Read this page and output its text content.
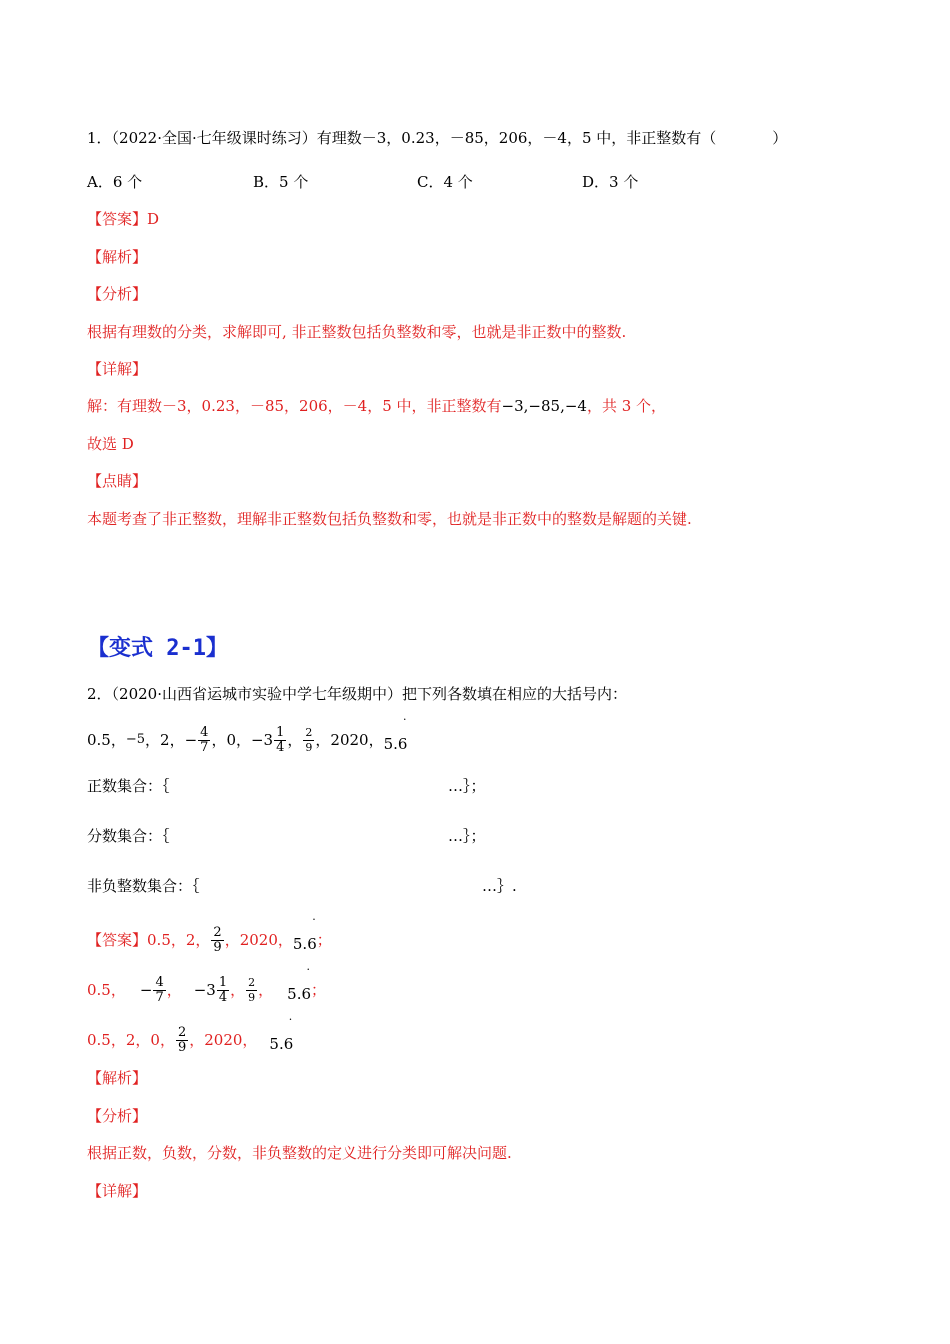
1．（2022·全国·七年级课时练习）有理数－3，0.23，－85，206，－4，5 中，非正整数有（	）
A．6 个	B．5 个	C．4 个	D．3 个
【答案】D
【解析】
【分析】
根据有理数的分类，求解即可, 非正整数包括负整数和零，也就是非正数中的整数.
【详解】
解：有理数－3，0.23，－85，206，－4，5 中，非正整数有−3,−85,−4，共 3 个，
故选 D
【点睛】
本题考查了非正整数，理解非正整数包括负整数和零，也就是非正数中的整数是解题的关键.
【变式 2-1】
2．（2020·山西省运城市实验中学七年级期中）把下列各数填在相应的大括号内：
0.5， −5 ，2， − $\frac{4}{7}$ ，0， $-3 \frac{1}{4}$ ， $\frac{2}{9}$ ，2020， 5.6
·
正数集合：｛	…｝；
分数集合：｛	…｝；
非负整数集合：｛	…｝.
【答案】 0.5，2， $\frac{2}{9}$ ，2020， 5.6
·
；
0.5， − $\frac{4}{7}$ ， $-3 \frac{1}{4}$ ， $\frac{2}{9}$ ， 5.6
·
；
0.5，2，0， $\frac{2}{9}$ ，2020， 5.6
·
【解析】
【分析】
根据正数，负数，分数，非负整数的定义进行分类即可解决问题.
【详解】
